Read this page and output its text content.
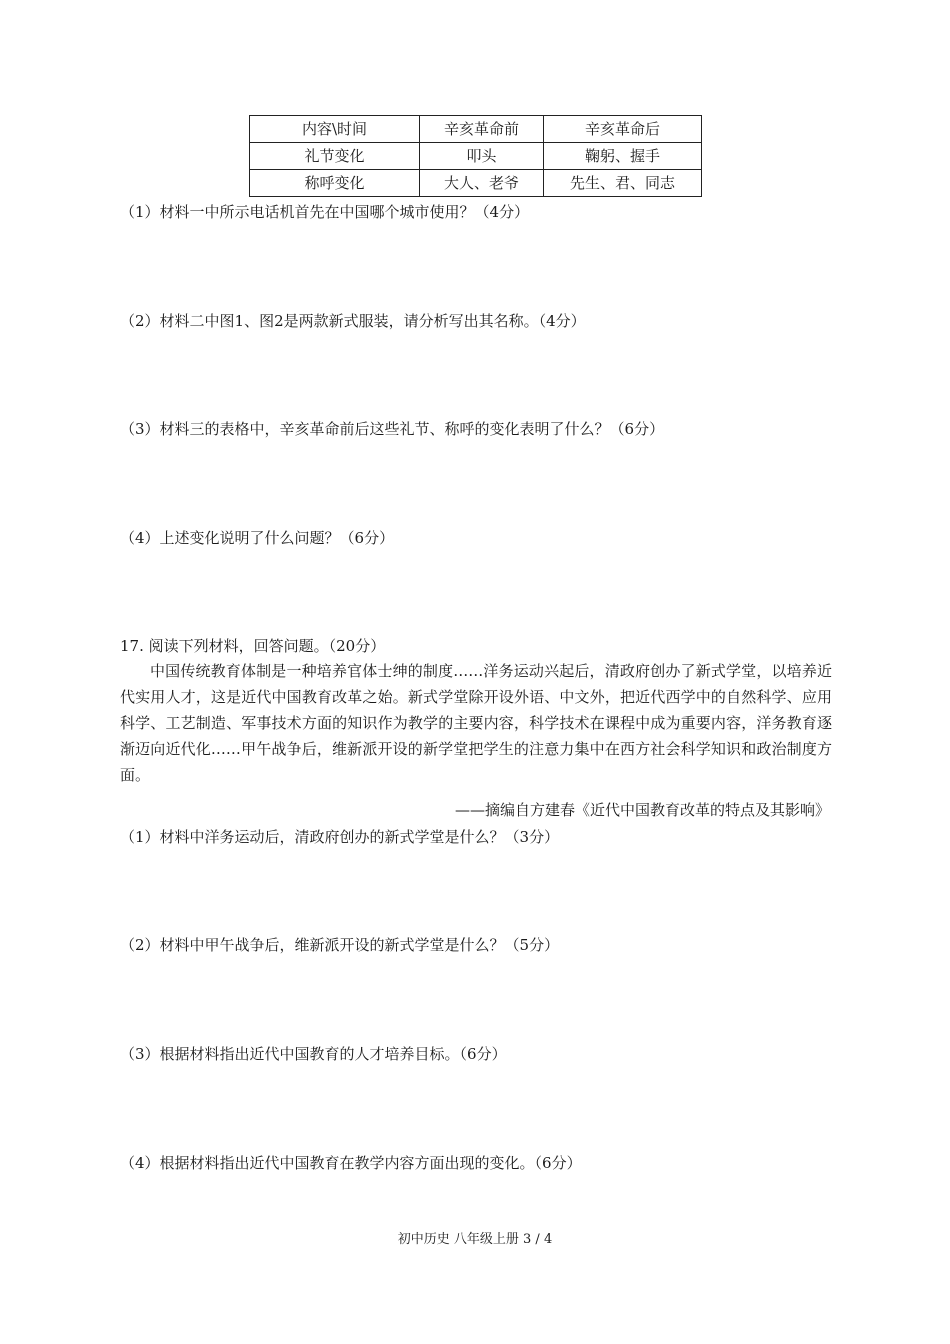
内容\时间	辛亥革命前	辛亥革命后
礼节变化	叩头	鞠躬、握手
称呼变化	大人、老爷	先生、君、同志
（1）材料一中所示电话机首先在中国哪个城市使用？（4分）
（2）材料二中图1、图2是两款新式服装，请分析写出其名称。（4分）
（3）材料三的表格中，辛亥革命前后这些礼节、称呼的变化表明了什么？（6分）
（4）上述变化说明了什么问题？（6分）
17. 阅读下列材料，回答问题。（20分）

中国传统教育体制是一种培养官体士绅的制度……洋务运动兴起后，清政府创办了新式学堂，以培养近代实用人才，这是近代中国教育改革之始。新式学堂除开设外语、中文外，把近代西学中的自然科学、应用科学、工艺制造、军事技术方面的知识作为教学的主要内容，科学技术在课程中成为重要内容，洋务教育逐渐迈向近代化……甲午战争后，维新派开设的新学堂把学生的注意力集中在西方社会科学知识和政治制度方面。

——摘编自方建春《近代中国教育改革的特点及其影响》
（1）材料中洋务运动后，清政府创办的新式学堂是什么？（3分）
（2）材料中甲午战争后，维新派开设的新式学堂是什么？（5分）
（3）根据材料指出近代中国教育的人才培养目标。（6分）
（4）根据材料指出近代中国教育在教学内容方面出现的变化。（6分）
初中历史 八年级上册 3 / 4
